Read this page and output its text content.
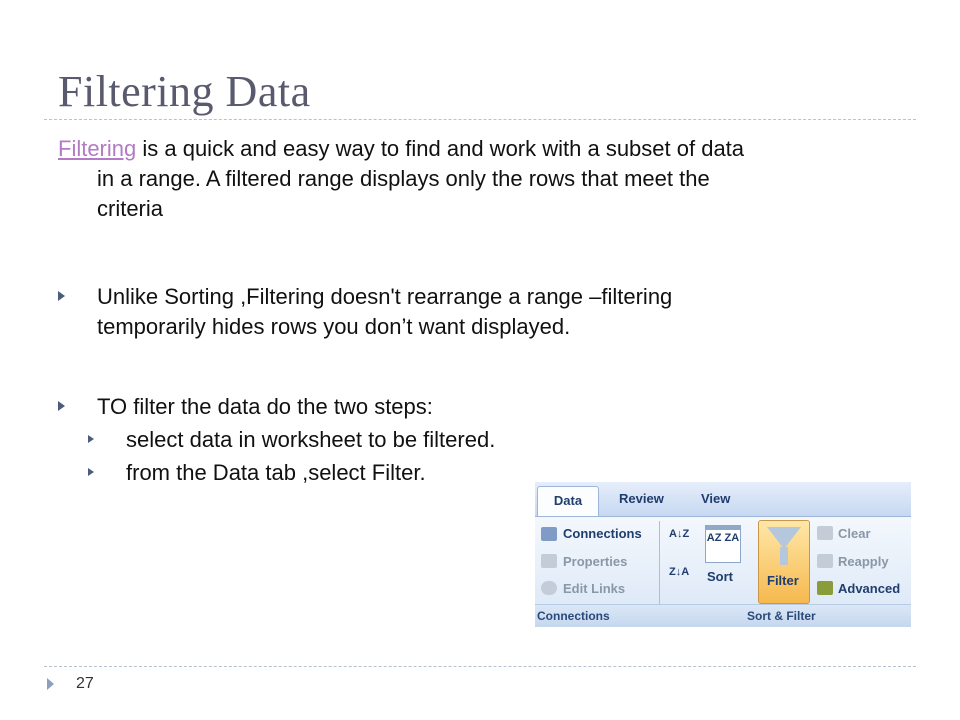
Filtering Data
Filtering is a quick and easy way to find and work with a subset of data
in a range. A filtered range displays only the rows that meet the
criteria
Unlike Sorting ,Filtering doesn't rearrange a range –filtering
temporarily hides rows you don’t want displayed.
TO filter the data do the two steps:
select data in worksheet to be filtered.
from the Data tab ,select Filter.
Data	Review	View
Connections
Properties
Edit Links
A↓Z
Z↓A
AZ ZA
Sort	Filter
Clear
Reapply
Advanced
Connections	Sort & Filter
27
